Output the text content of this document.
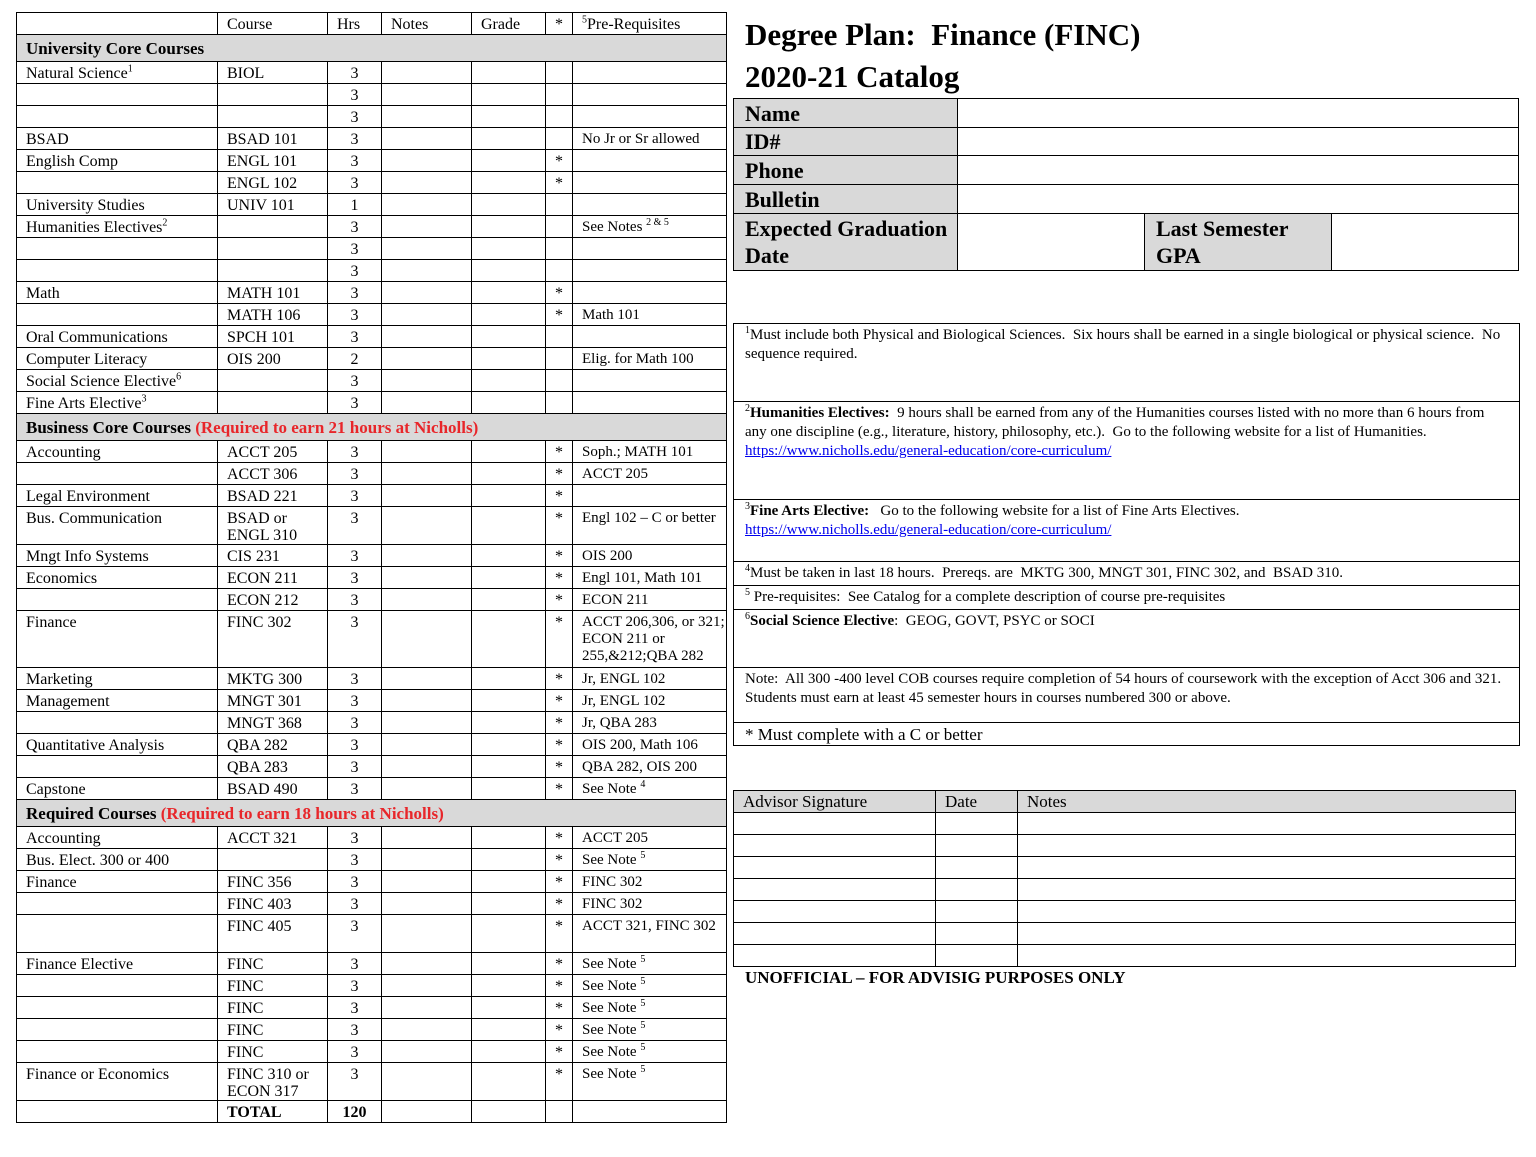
	Course	Hrs	Notes	Grade	*	$^5$Pre-Requisites
University Core Courses						
Natural Science$^1$	BIOL	3				
		3				
		3				
BSAD	BSAD 101	3				No Jr or Sr allowed
English Comp	ENGL 101	3			*	
	ENGL 102	3			*	
University Studies	UNIV 101	1				
Humanities Electives$^2$		3				See Notes $^{2 \& 5}$
		3				
		3				
Math	MATH 101	3			*	
	MATH 106	3			*	Math 101
Oral Communications	SPCH 101	3				
Computer Literacy	OIS 200	2				Elig. for Math 100
Social Science Elective$^6$		3				
Fine Arts Elective$^3$		3				
Business Core Courses (Required to earn 21 hours at Nicholls)						
Accounting	ACCT 205	3			*	Soph.; MATH 101
	ACCT 306	3			*	ACCT 205
Legal Environment	BSAD 221	3			*	
Bus. Communication	BSAD or ENGL 310	3			*	Engl 102 – C or better
Mngt Info Systems	CIS 231	3			*	OIS 200
Economics	ECON 211	3			*	Engl 101, Math 101
	ECON 212	3			*	ECON 211
Finance	FINC 302	3			*	ACCT 206,306, or 321; ECON 211 or 255,&212;QBA 282
Marketing	MKTG 300	3			*	Jr, ENGL 102
Management	MNGT 301	3			*	Jr, ENGL 102
	MNGT 368	3			*	Jr, QBA 283
Quantitative Analysis	QBA 282	3			*	OIS 200, Math 106
	QBA 283	3			*	QBA 282, OIS 200
Capstone	BSAD 490	3			*	See Note $^4$
Required Courses (Required to earn 18 hours at Nicholls)						
Accounting	ACCT 321	3			*	ACCT 205
Bus. Elect. 300 or 400		3			*	See Note $^5$
Finance	FINC 356	3			*	FINC 302
	FINC 403	3			*	FINC 302
	FINC 405	3			*	ACCT 321, FINC 302
Finance Elective	FINC	3			*	See Note $^5$
	FINC	3			*	See Note $^5$
	FINC	3			*	See Note $^5$
	FINC	3			*	See Note $^5$
	FINC	3			*	See Note $^5$
Finance or Economics	FINC 310 or ECON 317	3			*	See Note $^5$
	TOTAL	120				
Degree Plan:  Finance (FINC)
2020-21 Catalog
Name			
ID#			
Phone			
Bulletin			
Expected Graduation Date		Last Semester GPA	
$^1$Must include both Physical and Biological Sciences.  Six hours shall be earned in a single biological or physical science.  No sequence required.
$^2$Humanities Electives:  9 hours shall be earned from any of the Humanities courses listed with no more than 6 hours from any one discipline (e.g., literature, history, philosophy, etc.).  Go to the following website for a list of Humanities.
https://www.nicholls.edu/general-education/core-curriculum/
$^3$Fine Arts Elective:   Go to the following website for a list of Fine Arts Electives.
https://www.nicholls.edu/general-education/core-curriculum/
$^4$Must be taken in last 18 hours.  Prereqs. are  MKTG 300, MNGT 301, FINC 302, and  BSAD 310.
$^5$ Pre-requisites:  See Catalog for a complete description of course pre-requisites
$^6$Social Science Elective:  GEOG, GOVT, PSYC or SOCI
Note:  All 300 -400 level COB courses require completion of 54 hours of coursework with the exception of Acct 306 and 321.  Students must earn at least 45 semester hours in courses numbered 300 or above.
* Must complete with a C or better
Advisor Signature	Date	Notes

UNOFFICIAL – FOR ADVISIG PURPOSES ONLY
